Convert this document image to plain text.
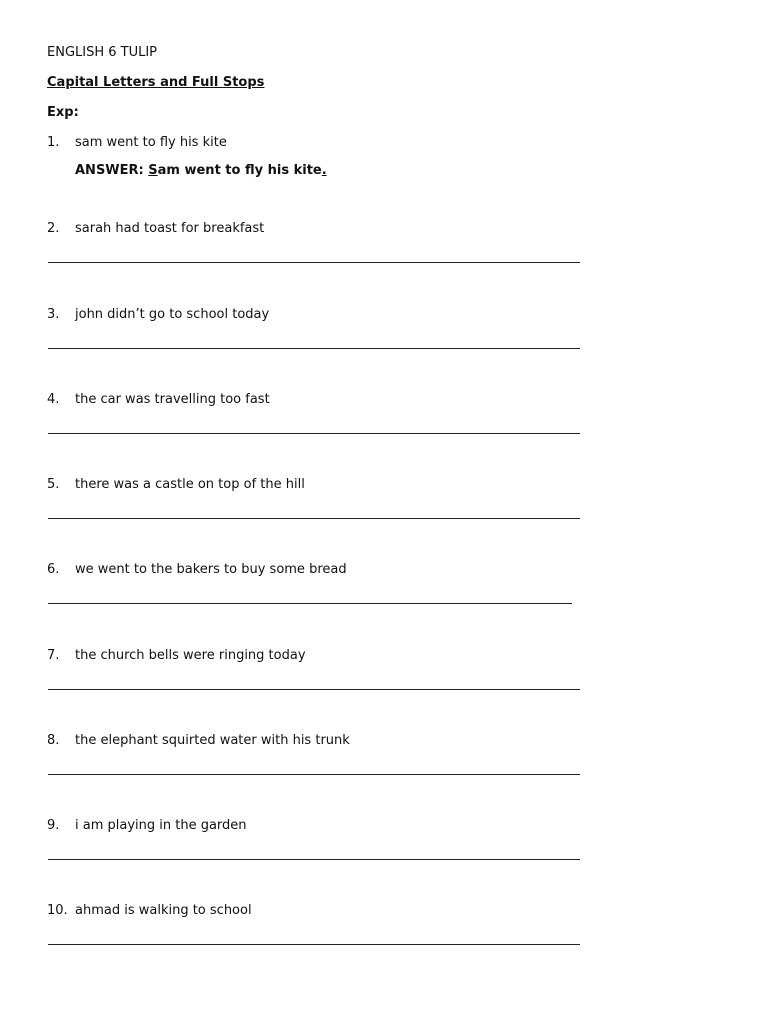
ENGLISH 6 TULIP
Capital Letters and Full Stops
Exp:
1. sam went to fly his kite
ANSWER: Sam went to fly his kite.
2. sarah had toast for breakfast
3. john didn’t go to school today
4. the car was travelling too fast
5. there was a castle on top of the hill
6. we went to the bakers to buy some bread
7. the church bells were ringing today
8. the elephant squirted water with his trunk
9. i am playing in the garden
10. ahmad is walking to school
